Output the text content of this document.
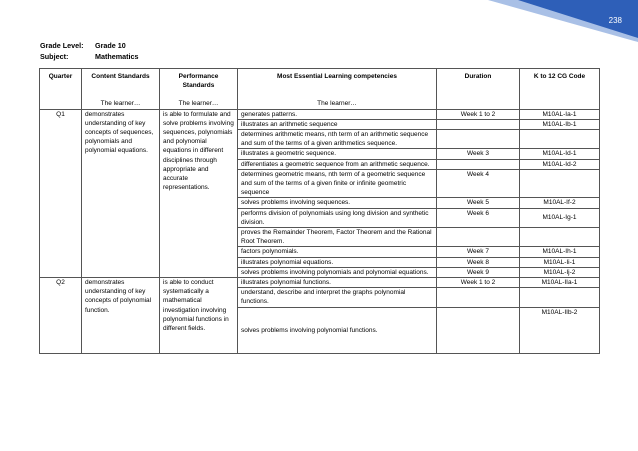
238
Grade Level:	Grade 10
Subject:	Mathematics
Quarter	Content Standards	Performance Standards	Most Essential Learning competencies	Duration	K to 12 CG Code
	The learner…	The learner…	The learner…		
Q1	demonstrates understanding of key concepts of sequences, polynomials and polynomial equations.	is able to formulate and solve problems involving sequences, polynomials and polynomial equations in different disciplines through appropriate and accurate representations.	generates patterns.	Week 1 to 2	M10AL-Ia-1
			illustrates an arithmetic sequence		M10AL-Ib-1
			determines arithmetic means, nth term of an arithmetic sequence and sum of the terms of a given arithmetics sequence.		
			illustrates a geometric sequence.	Week 3	M10AL-Id-1
			differentiates a geometric sequence from an arithmetic sequence.		M10AL-Id-2
			determines geometric means, nth term of a geometric sequence and sum of the terms of a given finite or infinite geometric sequence	Week 4	
			solves problems involving sequences.	Week 5	M10AL-If-2
			performs division of polynomials using long division and synthetic division.	Week 6	M10AL-Ig-1
			proves the Remainder Theorem, Factor Theorem and the Rational Root Theorem.		
			factors polynomials.	Week 7	M10AL-Ih-1
			illustrates polynomial equations.	Week 8	M10AL-Ii-1
			solves problems involving polynomials and polynomial equations.	Week 9	M10AL-Ij-2
Q2	demonstrates understanding of key concepts of polynomial function.	is able to conduct systematically a mathematical investigation involving polynomial functions in different fields.	illustrates polynomial functions.	Week 1 to 2	M10AL-IIa-1
			understand, describe and interpret the graphs polynomial functions.		
			solves problems involving polynomial functions.		M10AL-IIb-2
